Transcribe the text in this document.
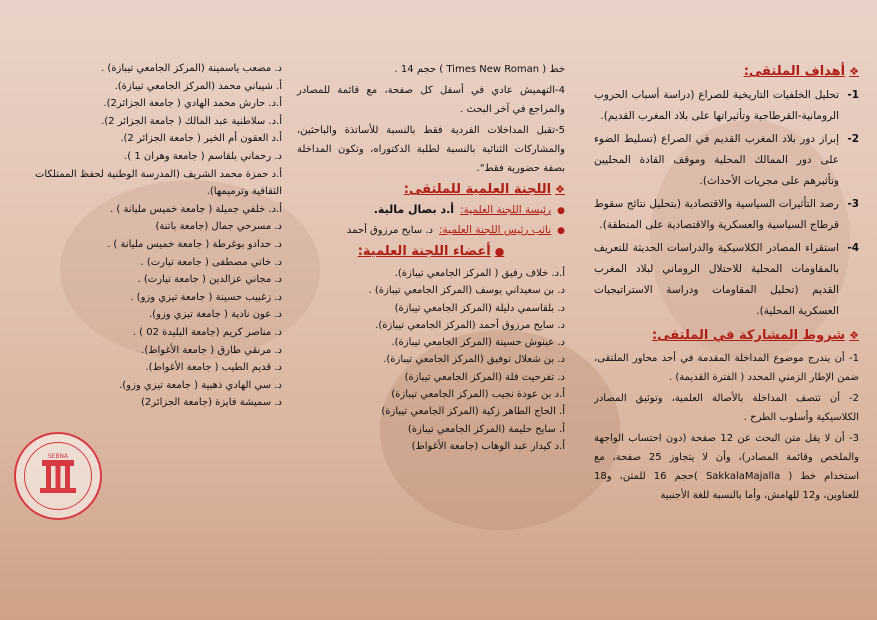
❖
أهداف الملتقى:
1-
تحليل الخلفيات التاريخية للصراع (دراسة أسباب الحروب الرومانية-القرطاجية وتأثيراتها على بلاد المغرب القديم).
2-
إبراز دور بلاد المغرب القديم في الصراع (تسليط الضوء على دور الممالك المحلية وموقف القادة المحليين وتأثيرهم على مجريات الأحداث).
3-
رصد التأثيرات السياسية والاقتصادية (بتحليل نتائج سقوط قرطاج السياسية والعسكرية والاقتصادية على المنطقة).
4-
استقراء المصادر الكلاسيكية والدراسات الحديثة للتعريف بالمقاومات المحلية للاحتلال الروماني لبلاد المغرب القديم (تحليل المقاومات ودراسة الاستراتيجيات العسكرية المحلية).
❖
شروط المشاركة في الملتقى:

1- أن يندرج موضوع المداخلة المقدمة في أحد محاور الملتقى، ضمن الإطار الزمني المحدد ( الفترة القديمة) .

2- أن تتصف المداخلة بالأصالة العلمية، وتوثيق المصادر الكلاسيكية وأسلوب الطرح .

3- أن لا يقل متن البحث عن 12 صفحة (دون احتساب الواجهة والملخص وقائمة المصادر)، وأن لا يتجاوز 25 صفحة، مع استخدام خط ( SakkalaMajalla )حجم 16 للمتن، و18 للعناوين، و12 للهامش، وأما بالنسبة للغة الأجنبية

خط ( Times New Roman ) حجم 14 .

4-التهميش عادي في أسفل كل صفحة، مع قائمة للمصادر والمراجع في آخر البحث .

5-تقبل المداخلات الفردية فقط بالنسبة للأساتذة والباحثين، والمشاركات الثنائية بالنسبة لطلبة الدكتوراه، وتكون المداخلة بصفة حضورية فقط".

❖
اللجنة العلمية للملتقى:
●
رئيسة اللجنة العلمية:
أ.د بصال مالية.
●
نائب رئيس اللجنة العلمية:
د. سايح مرزوق أحمد
●
أعضاء اللجنة العلمية:
أ.د. خلاف رفيق ( المركز الجامعي تيبازة).
د. بن سعيداني يوسف (المركز الجامعي تيبازة) .
د. بلقاسمي دليلة (المركز الجامعي تيبازة)
د. سايح مرزوق أحمد (المركز الجامعي تيبازة).
د. عينوش حسينة (المركز الجامعي تيبازة).
د. بن شعلال توفيق (المركز الجامعي تيبازة).
د. تفرحيت فلة (المركز الجامعي تيبازة)
أ.د بن عودة نجيب (المركز الجامعي تيبازة)
أ. الحاج الطاهر زكية (المركز الجامعي تيبازة)
أ. سايح حليمة (المركز الجامعي تيبازة)
أ.د كيدار عبد الوهاب (جامعة الأغواط)
د. مصعب ياسمينة (المركز الجامعي تيبازة) .
أ. شيباني محمد (المركز الجامعي تيبازة).
أ.د. حارش محمد الهادي ( جامعة الجزائر2).
أ.د. سلاطنية عبد المالك ( جامعة الجزائر 2).
أ.د العقون أم الخير ( جامعة الجزائر 2).
د. رحماني بلقاسم ( جامعة وهران 1 ).
أ.د حمزة محمد الشريف (المدرسة الوطنية لحفظ الممتلكات الثقافية وترميمها).
أ.د. خلفي جميلة ( جامعة خميس مليانة ) .
د. مسرحي جمال (جامعة باتنة)
د. حدادو بوغرطة ( جامعة خميس مليانة ) .
د. خاتي مصطفى ( جامعة تيارت) .
د. مجاني عزالدين ( جامعة تيارت) .
د. زغبيب حسينة ( جامعة تيزي وزو) .
د. عون نادية ( جامعة تيزي وزو).
د. مناصر كريم (جامعة البليدة 02 ) .
د. مرنقي طارق ( جامعة الأغواط).
د. قديم الطيب ( جامعة الأغواط).
د. سي الهادي ذهبية ( جامعة تيزي وزو).
د. سميشة فايزة (جامعة الجزائر2)
SEBNA
